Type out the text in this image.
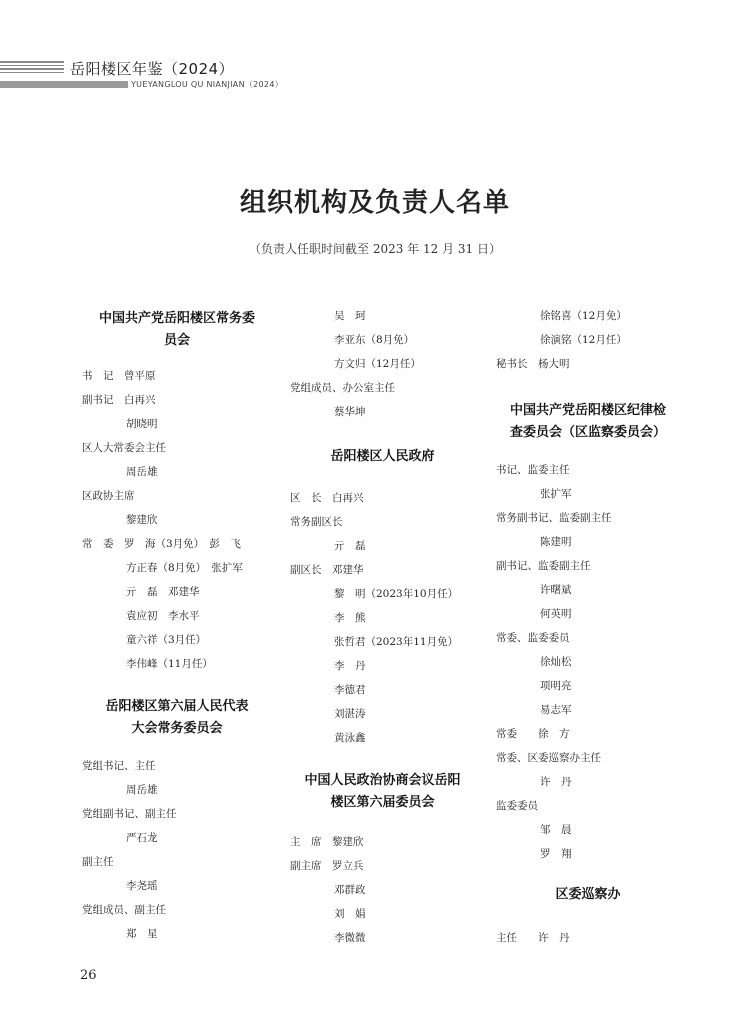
岳阳楼区年鉴（2024）
YUEYANGLOU QU NIANJIAN（2024）
组织机构及负责人名单
（负责人任职时间截至 2023 年 12 月 31 日）
中国共产党岳阳楼区常务委
员会
书　记　曾平原
副书记　白再兴
胡晓明
区人大常委会主任
周岳雄
区政协主席
黎建欣
常　委　罗　海（3月免）　彭　飞
方正春（8月免）　张扩军
亓　磊　邓建华
袁应初　李水平
童六祥（3月任）
李伟峰（11月任）
岳阳楼区第六届人民代表
大会常务委员会
党组书记、主任
周岳雄
党组副书记、副主任
严石龙
副主任
李尧瑶
党组成员、副主任
郑　星
吴　珂
李亚东（8月免）
方文归（12月任）
党组成员、办公室主任
蔡华坤
岳阳楼区人民政府
区　长　白再兴
常务副区长
亓　磊
副区长　邓建华
黎　明（2023年10月任）
李　熊
张哲君（2023年11月免）
李　丹
李德君
刘湛涛
黄泳鑫
中国人民政治协商会议岳阳
楼区第六届委员会
主　席　黎建欣
副主席　罗立兵
邓群政
刘　娟
李微微
徐铭喜（12月免）
徐演铭（12月任）
秘书长　杨大明
中国共产党岳阳楼区纪律检
查委员会（区监察委员会）
书记、监委主任
张扩军
常务副书记、监委副主任
陈建明
副书记、监委副主任
许曙斌
何英明
常委、监委委员
徐灿松
项明亮
易志军
常委　　徐　方
常委、区委巡察办主任
许　丹
监委委员
邹　晨
罗　翔
区委巡察办
主任　　许　丹
26
